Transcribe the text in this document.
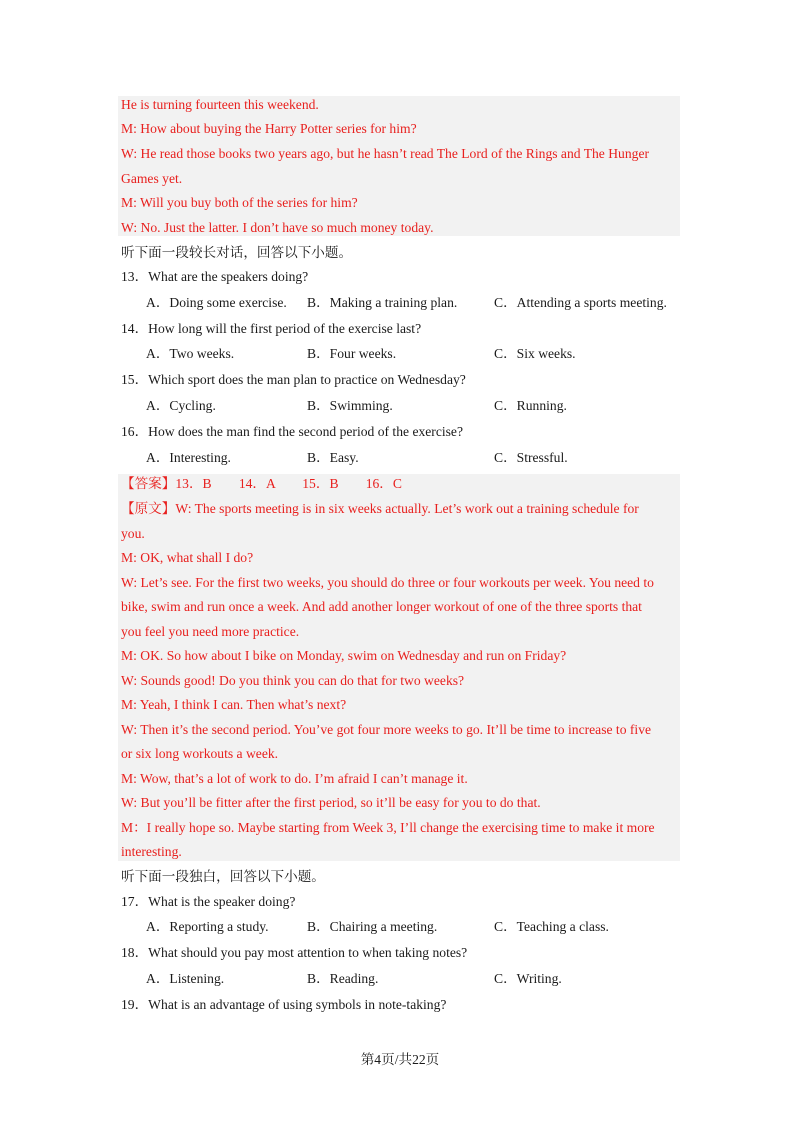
He is turning fourteen this weekend.
M: How about buying the Harry Potter series for him?
W: He read those books two years ago, but he hasn’t read The Lord of the Rings and The Hunger
Games yet.
M: Will you buy both of the series for him?
W: No. Just the latter. I don’t have so much money today.
听下面一段较长对话，回答以下小题。
13．What are the speakers doing?
A．Doing some exercise. B．Making a training plan.	C．Attending a sports meeting.
14．How long will the first period of the exercise last?
A．Two weeks.	B．Four weeks.	C．Six weeks.
15．Which sport does the man plan to practice on Wednesday?
A．Cycling.	B．Swimming.	C．Running.
16．How does the man find the second period of the exercise?
A．Interesting.	B．Easy.	C．Stressful.
【答案】13．B　　14．A　　15．B　　16．C
【原文】W: The sports meeting is in six weeks actually. Let’s work out a training schedule for
you.
M: OK, what shall I do?
W: Let’s see. For the first two weeks, you should do three or four workouts per week. You need to
bike, swim and run once a week. And add another longer workout of one of the three sports that
you feel you need more practice.
M: OK. So how about I bike on Monday, swim on Wednesday and run on Friday?
W: Sounds good! Do you think you can do that for two weeks?
M: Yeah, I think I can. Then what’s next?
W: Then it’s the second period. You’ve got four more weeks to go. It’ll be time to increase to five
or six long workouts a week.
M: Wow, that’s a lot of work to do. I’m afraid I can’t manage it.
W: But you’ll be fitter after the first period, so it’ll be easy for you to do that.
M：I really hope so. Maybe starting from Week 3, I’ll change the exercising time to make it more
interesting.
听下面一段独白，回答以下小题。
17．What is the speaker doing?
A．Reporting a study.	B．Chairing a meeting.	C．Teaching a class.
18．What should you pay most attention to when taking notes?
A．Listening.	B．Reading.	C．Writing.
19．What is an advantage of using symbols in note-taking?
第4页/共22页
